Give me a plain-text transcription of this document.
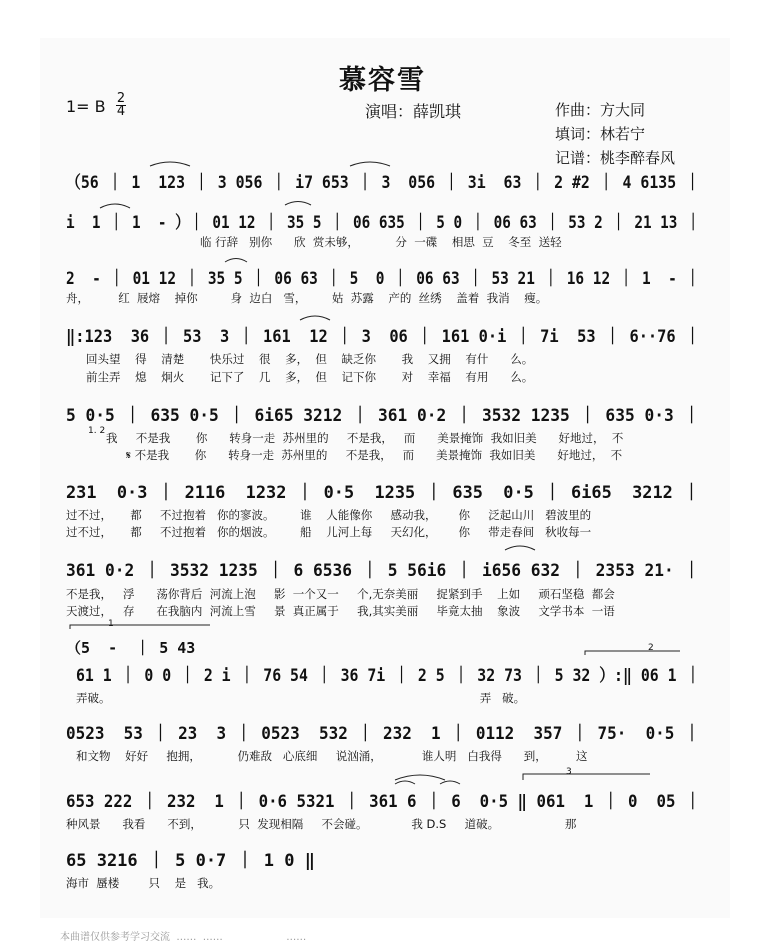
慕容雪
1= B 2
4	演唱：薛凯琪	作曲：方大同
填词：林若宁
记谱：桃李醉春风
（56 ｜ 1  123 ｜ 3 056 ｜ i7 653 ｜ 3  056 ｜ 3i  63 ｜ 2 #2 ｜ 4 6135 ｜
i  1 ｜ 1  - ）｜ 01 12 ｜ 35 5 ｜ 06 635 ｜ 5 0 ｜ 06 63 ｜ 53 2 ｜ 21 13 ｜
临 行辞   别你      欣  赏未够，          分  一碟    相思  豆    冬至  送轻
2  - ｜ 01 12 ｜ 35 5 ｜ 06 63 ｜ 5  0 ｜ 06 63 ｜ 53 21 ｜ 16 12 ｜ 1  - ｜
舟，        红  屐熔    掉你         身  边白   雪，       姑  苏露    产的  丝绣    盖着  我消    瘦。
‖:123  36 ｜ 53  3 ｜ 161  12 ｜ 3  06 ｜ 161 0·i ｜ 7i  53 ｜ 6··76 ｜
回头望    得    清楚       快乐过    很    多，  但    缺乏你       我    又拥    有什      么。
前尘弄    熄    炯火       记下了    几    多，  但    记下你       对    幸福    有用      么。
5 0·5 ｜ 635 0·5 ｜ 6i65 3212 ｜ 361 0·2 ｜ 3532 1235 ｜ 635 0·3 ｜
1. 2 我     不是我       你      转身一走  苏州里的     不是我，   而      美景掩饰  我如旧美      好地过，  不
𝄋 不是我       你      转身一走  苏州里的     不是我，   而      美景掩饰  我如旧美      好地过，  不
231  0·3 ｜ 2116  1232 ｜ 0·5  1235 ｜ 635  0·5 ｜ 6i65  3212 ｜
过不过，     都     不过抱着   你的寥波。       谁    人能像你     感动我，      你     泛起山川   碧波里的
过不过，     都     不过抱着   你的烟波。       船    儿河上每     天幻化，      你     带走春间   秋收每一
361 0·2 ｜ 3532 1235 ｜ 6 6536 ｜ 5 56i6 ｜ i656 632 ｜ 2353 21· ｜
不是我，   浮      荡你背后  河流上泡     影  一个又一     个,无奈美丽     捉紧到手    上如     顽石坚稳  都会
天渡过，   存      在我脑内  河流上雪     景  真正属于     我,其实美丽     毕竟太抽    象波     文学书本  一语
1
2
（5  -  ｜ 5 43
61 1 ｜ 0 0 ｜ 2 i ｜ 76 54 ｜ 36 7i ｜ 2 5 ｜ 32 73 ｜ 5 32 ）:‖ 06 1 ｜
弄破。                                                                                                     弄   破。
0523  53 ｜ 23  3 ｜ 0523  532 ｜ 232  1 ｜ 0112  357 ｜ 75·  0·5 ｜
和文物    好好     抱拥，          仍难敌   心底细     说汹涌，           谁人明   白我得      到，        这
3
653 222 ｜ 232  1 ｜ 0·6 5321 ｜ 361 6 ｜ 6  0·5 ‖ 061  1 ｜ 0  05 ｜
种风景      我看      不到，          只  发现相隔     不会碰。            我 D.S     道破。                  那
65 3216 ｜ 5 0·7 ｜ 1 0 ‖
海市  蜃楼        只    是   我。
本曲谱仅供参考学习交流  ……  ……                    ……
